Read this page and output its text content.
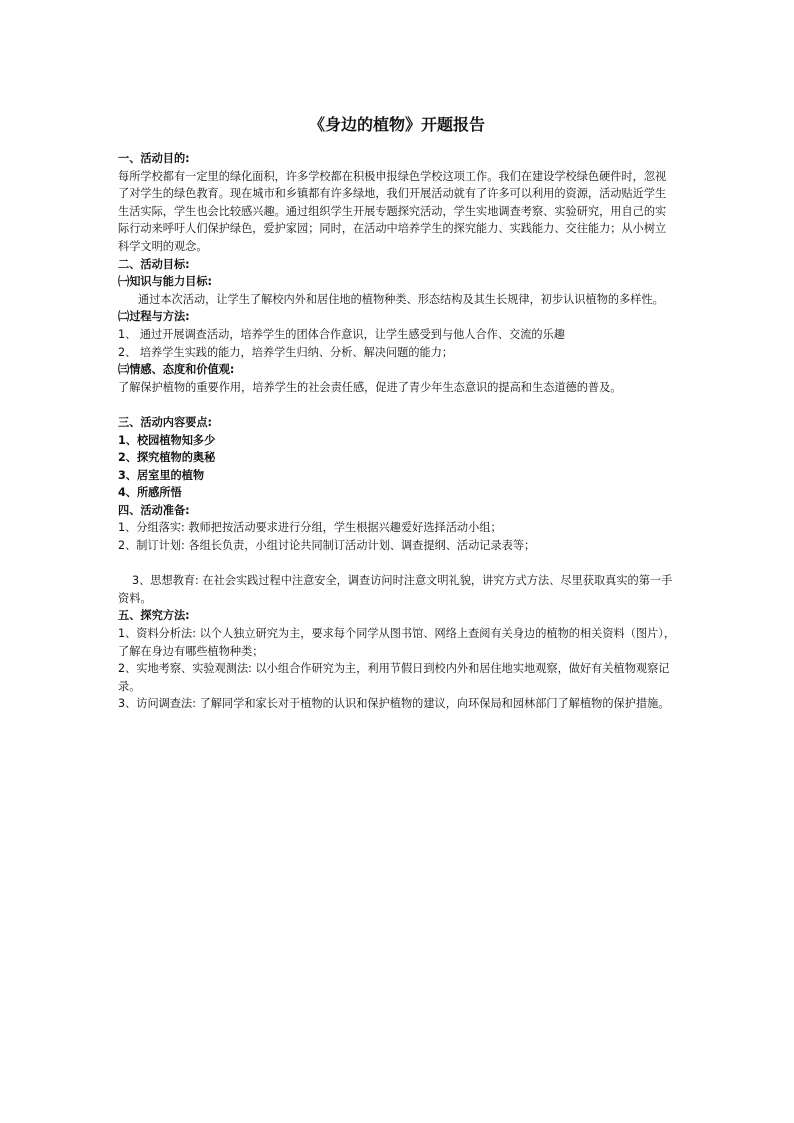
《身边的植物》开题报告

一、活动目的:

每所学校都有一定里的绿化面积，许多学校都在积极申报绿色学校这项工作。我们在建设学校绿色硬件时，忽视了对学生的绿色教育。现在城市和乡镇都有许多绿地，我们开展活动就有了许多可以利用的资源，活动贴近学生生活实际，学生也会比较感兴趣。通过组织学生开展专题探究活动，学生实地调查考察、实验研究，用自己的实际行动来呼吁人们保护绿色，爱护家园；同时，在活动中培养学生的探究能力、实践能力、交往能力；从小树立科学文明的观念。

二、活动目标:

㈠知识与能力目标:

通过本次活动，让学生了解校内外和居住地的植物种类、形态结构及其生长规律，初步认识植物的多样性。

㈡过程与方法:

1、 通过开展调查活动，培养学生的团体合作意识，让学生感受到与他人合作、交流的乐趣

2、 培养学生实践的能力，培养学生归纳、分析、解决问题的能力；

㈢情感、态度和价值观:

了解保护植物的重要作用，培养学生的社会责任感，促进了青少年生态意识的提高和生态道德的普及。

三、活动内容要点:

1、校园植物知多少

2、探究植物的奥秘

3、居室里的植物

4、所感所悟

四、活动准备:

1、分组落实: 教师把按活动要求进行分组，学生根据兴趣爱好选择活动小组；

2、制订计划: 各组长负责，小组讨论共同制订活动计划、调查提纲、活动记录表等；

3、思想教育: 在社会实践过程中注意安全，调查访问时注意文明礼貌，讲究方式方法、尽里获取真实的第一手资料。

五、探究方法:

1、资料分析法: 以个人独立研究为主，要求每个同学从图书馆、网络上查阅有关身边的植物的相关资料（图片），了解在身边有哪些植物种类；

2、实地考察、实验观测法: 以小组合作研究为主，利用节假日到校内外和居住地实地观察，做好有关植物观察记录。

3、访问调查法: 了解同学和家长对于植物的认识和保护植物的建议，向环保局和园林部门了解植物的保护措施。
